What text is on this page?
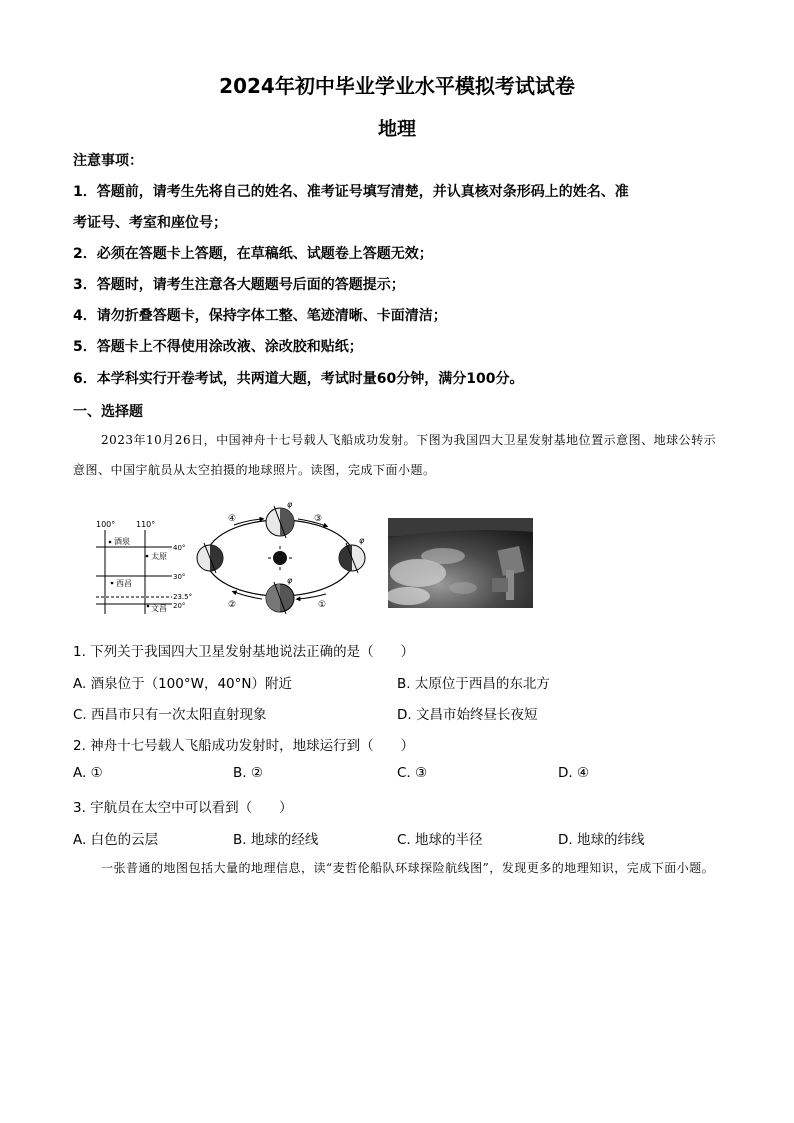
2024年初中毕业学业水平模拟考试试卷
地理
注意事项：
1．答题前，请考生先将自己的姓名、准考证号填写清楚，并认真核对条形码上的姓名、准
考证号、考室和座位号；
2．必须在答题卡上答题，在草稿纸、试题卷上答题无效；
3．答题时，请考生注意各大题题号后面的答题提示；
4．请勿折叠答题卡，保持字体工整、笔迹清晰、卡面清洁；
5．答题卡上不得使用涂改液、涂改胶和贴纸；
6．本学科实行开卷考试，共两道大题，考试时量60分钟，满分100分。
一、选择题
2023年10月26日，中国神舟十七号载人飞船成功发射。下图为我国四大卫星发射基地位置示意图、地球公转示意图、中国宇航员从太空拍摄的地球照片。读图，完成下面小题。
100°	110°
40°
30°
23.5°
20°
酒泉
太原
西昌
文昌
φ
φ
φ
④	③
②	①
1. 下列关于我国四大卫星发射基地说法正确的是（　　）
A. 酒泉位于（100°W，40°N）附近	B. 太原位于西昌的东北方
C. 西昌市只有一次太阳直射现象	D. 文昌市始终昼长夜短
2. 神舟十七号载人飞船成功发射时，地球运行到（　　）
A. ①	B. ②	C. ③	D. ④
3. 宇航员在太空中可以看到（　　）
A. 白色的云层	B. 地球的经线	C. 地球的半径	D. 地球的纬线
一张普通的地图包括大量的地理信息，读“麦哲伦船队环球探险航线图”，发现更多的地理知识，完成下面小题。
